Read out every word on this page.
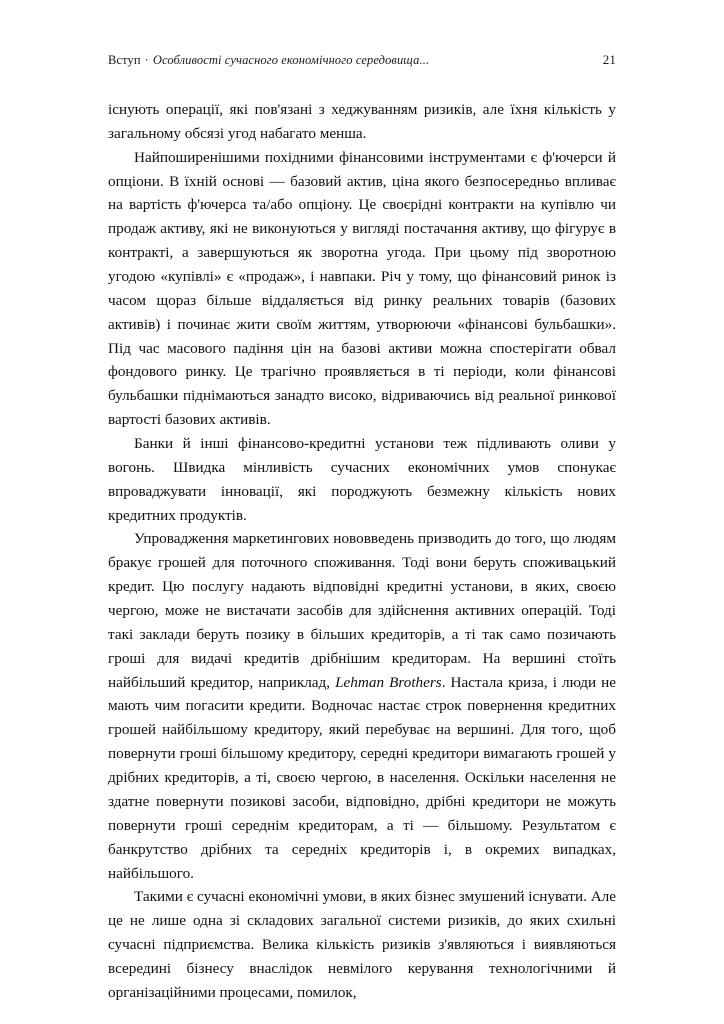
Вступ · Особливості сучасного економічного середовища...	21

існують операції, які пов'язані з хеджуванням ризиків, але їхня кількість у загальному обсязі угод набагато менша.

Найпоширенішими похідними фінансовими інструментами є ф'ючерси й опціони. В їхній основі — базовий актив, ціна якого безпосередньо впливає на вартість ф'ючерса та/або опціону. Це своєрідні контракти на купівлю чи продаж активу, які не виконуються у вигляді постачання активу, що фігурує в контракті, а завершуються як зворотна угода. При цьому під зворотною угодою «купівлі» є «продаж», і навпаки. Річ у тому, що фінансовий ринок із часом щораз більше віддаляється від ринку реальних товарів (базових активів) і починає жити своїм життям, утворюючи «фінансові бульбашки». Під час масового падіння цін на базові активи можна спостерігати обвал фондового ринку. Це трагічно проявляється в ті періоди, коли фінансові бульбашки піднімаються занадто високо, відриваючись від реальної ринкової вартості базових активів.

Банки й інші фінансово-кредитні установи теж підливають оливи у вогонь. Швидка мінливість сучасних економічних умов спонукає впроваджувати інновації, які породжують безмежну кількість нових кредитних продуктів.

Упровадження маркетингових нововведень призводить до того, що людям бракує грошей для поточного споживання. Тоді вони беруть споживацький кредит. Цю послугу надають відповідні кредитні установи, в яких, своєю чергою, може не вистачати засобів для здійснення активних операцій. Тоді такі заклади беруть позику в більших кредиторів, а ті так само позичають гроші для видачі кредитів дрібнішим кредиторам. На вершині стоїть найбільший кредитор, наприклад, Lehman Brothers. Настала криза, і люди не мають чим погасити кредити. Водночас настає строк повернення кредитних грошей найбільшому кредитору, який перебуває на вершині. Для того, щоб повернути гроші більшому кредитору, середні кредитори вимагають грошей у дрібних кредиторів, а ті, своєю чергою, в населення. Оскільки населення не здатне повернути позикові засоби, відповідно, дрібні кредитори не можуть повернути гроші середнім кредиторам, а ті — більшому. Результатом є банкрутство дрібних та середніх кредиторів і, в окремих випадках, найбільшого.

Такими є сучасні економічні умови, в яких бізнес змушений існувати. Але це не лише одна зі складових загальної системи ризиків, до яких схильні сучасні підприємства. Велика кількість ризиків з'являються і виявляються всередині бізнесу внаслідок невмілого керування технологічними й організаційними процесами, помилок,
